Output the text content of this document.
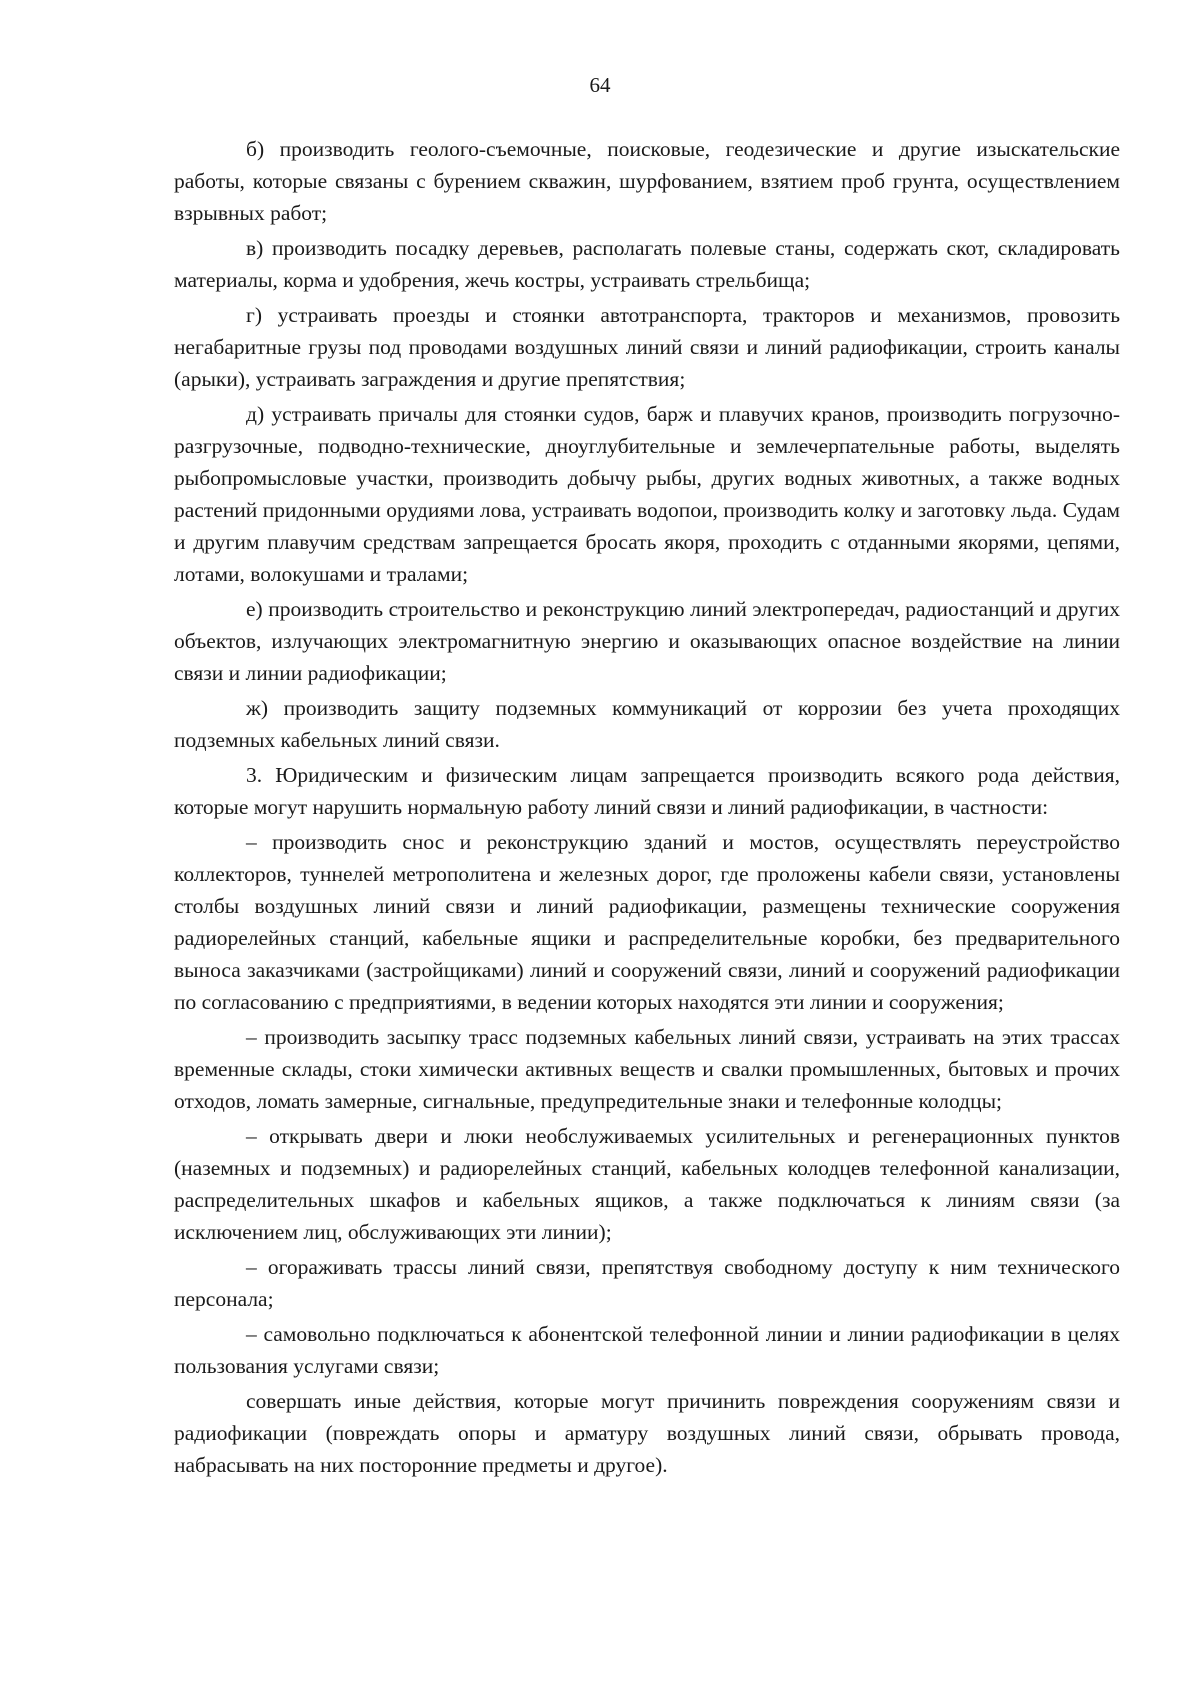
64

б) производить геолого-съемочные, поисковые, геодезические и другие изыскательские работы, которые связаны с бурением скважин, шурфованием, взятием проб грунта, осуществлением взрывных работ;

в) производить посадку деревьев, располагать полевые станы, содержать скот, складировать материалы, корма и удобрения, жечь костры, устраивать стрельбища;

г) устраивать проезды и стоянки автотранспорта, тракторов и механизмов, провозить негабаритные грузы под проводами воздушных линий связи и линий радиофикации, строить каналы (арыки), устраивать заграждения и другие препятствия;

д) устраивать причалы для стоянки судов, барж и плавучих кранов, производить погрузочно-разгрузочные, подводно-технические, дноуглубительные и землечерпательные работы, выделять рыбопромысловые участки, производить добычу рыбы, других водных животных, а также водных растений придонными орудиями лова, устраивать водопои, производить колку и заготовку льда. Судам и другим плавучим средствам запрещается бросать якоря, проходить с отданными якорями, цепями, лотами, волокушами и тралами;

е) производить строительство и реконструкцию линий электропередач, радиостанций и других объектов, излучающих электромагнитную энергию и оказывающих опасное воздействие на линии связи и линии радиофикации;

ж) производить защиту подземных коммуникаций от коррозии без учета проходящих подземных кабельных линий связи.

3. Юридическим и физическим лицам запрещается производить всякого рода действия, которые могут нарушить нормальную работу линий связи и линий радиофикации, в частности:

– производить снос и реконструкцию зданий и мостов, осуществлять переустройство коллекторов, туннелей метрополитена и железных дорог, где проложены кабели связи, установлены столбы воздушных линий связи и линий радиофикации, размещены технические сооружения радиорелейных станций, кабельные ящики и распределительные коробки, без предварительного выноса заказчиками (застройщиками) линий и сооружений связи, линий и сооружений радиофикации по согласованию с предприятиями, в ведении которых находятся эти линии и сооружения;

– производить засыпку трасс подземных кабельных линий связи, устраивать на этих трассах временные склады, стоки химически активных веществ и свалки промышленных, бытовых и прочих отходов, ломать замерные, сигнальные, предупредительные знаки и телефонные колодцы;

– открывать двери и люки необслуживаемых усилительных и регенерационных пунктов (наземных и подземных) и радиорелейных станций, кабельных колодцев телефонной канализации, распределительных шкафов и кабельных ящиков, а также подключаться к линиям связи (за исключением лиц, обслуживающих эти линии);

– огораживать трассы линий связи, препятствуя свободному доступу к ним технического персонала;

– самовольно подключаться к абонентской телефонной линии и линии радиофикации в целях пользования услугами связи;

совершать иные действия, которые могут причинить повреждения сооружениям связи и радиофикации (повреждать опоры и арматуру воздушных линий связи, обрывать провода, набрасывать на них посторонние предметы и другое).
